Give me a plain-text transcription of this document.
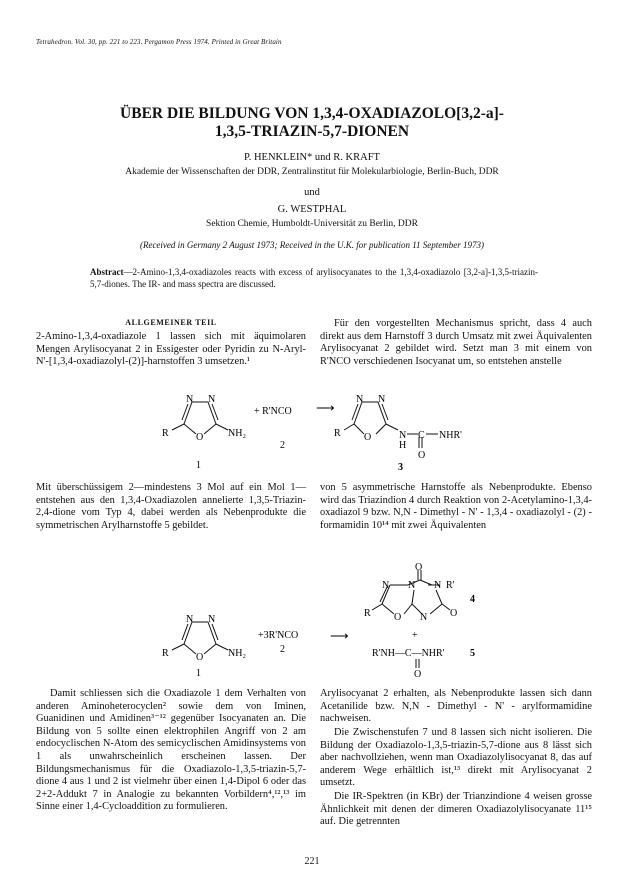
Tetrahedron. Vol. 30, pp. 221 to 223. Pergamon Press 1974. Printed in Great Britain
ÜBER DIE BILDUNG VON 1,3,4-OXADIAZOLO[3,2-a]-
1,3,5-TRIAZIN-5,7-DIONEN
P. HENKLEIN* und R. KRAFT
Akademie der Wissenschaften der DDR, Zentralinstitut für Molekularbiologie, Berlin-Buch, DDR
und
G. WESTPHAL
Sektion Chemie, Humboldt-Universität zu Berlin, DDR
(Received in Germany 2 August 1973; Received in the U.K. for publication 11 September 1973)
Abstract—2-Amino-1,3,4-oxadiazoles reacts with excess of arylisocyanates to the 1,3,4-oxadiazolo [3,2-a]-1,3,5-triazin-5,7-diones. The IR- and mass spectra are discussed.
ALLGEMEINER TEIL
2-Amino-1,3,4-oxadiazole 1 lassen sich mit äquimolaren Mengen Arylisocyanat 2 in Essigester oder Pyridin zu N-Aryl-N'-[1,3,4-oxadiazolyl-(2)]-harnstoffen 3 umsetzen.¹
Für den vorgestellten Mechanismus spricht, dass 4 auch direkt aus dem Harnstoff 3 durch Umsatz mit zwei Äquivalenten Arylisocyanat 2 gebildet wird. Setzt man 3 mit einem von R'NCO verschiedenen Isocyanat um, so entstehen anstelle
N N
O
R	NH₂
1
+ R'NCO
2
⟶
N N
O
R	N C
H
NHR'
O
3
Mit überschüssigem 2—mindestens 3 Mol auf ein Mol 1—entstehen aus den 1,3,4-Oxadiazolen annelierte 1,3,5-Triazin-2,4-dione vom Typ 4, dabei werden als Nebenprodukte die symmetrischen Arylharnstoffe 5 gebildet.
von 5 asymmetrische Harnstoffe als Nebenprodukte. Ebenso wird das Triazindion 4 durch Reaktion von 2-Acetylamino-1,3,4-oxadiazol 9 bzw. N,N - Dimethyl - N' - 1,3,4 - oxadiazolyl - (2) - formamidin 10¹⁴ mit zwei Äquivalenten
N N
O
R	NH₂
1
+3R'NCO
2
⟶
O
N N N R'
R O N O
4
+
R'NH—C—NHR'
O
5
Damit schliessen sich die Oxadiazole 1 dem Verhalten von anderen Aminoheterocyclen² sowie dem von Iminen, Guanidinen und Amidinen³⁻¹² gegenüber Isocyanaten an. Die Bildung von 5 sollte einen elektrophilen Angriff von 2 am endocyclischen N-Atom des semicyclischen Amidinsystems von 1 als unwahrscheinlich erscheinen lassen. Der Bildungsmechanismus für die Oxadiazolo-1,3,5-triazin-5,7-dione 4 aus 1 und 2 ist vielmehr über einen 1,4-Dipol 6 oder das 2+2-Addukt 7 in Analogie zu bekannten Vorbildern⁴,¹²,¹³ im Sinne einer 1,4-Cycloaddition zu formulieren.
Arylisocyanat 2 erhalten, als Nebenprodukte lassen sich dann Acetanilide bzw. N,N - Dimethyl - N' - arylformamidine nachweisen.
Die Zwischenstufen 7 und 8 lassen sich nicht isolieren. Die Bildung der Oxadiazolo-1,3,5-triazin-5,7-dione aus 8 lässt sich aber nachvollziehen, wenn man Oxadiazolylisocyanat 8, das auf anderem Wege erhältlich ist,¹³ direkt mit Arylisocyanat 2 umsetzt.
Die IR-Spektren (in KBr) der Trianzindione 4 weisen grosse Ähnlichkeit mit denen der dimeren Oxadiazolylisocyanate 11¹⁵ auf. Die getrennten
221
